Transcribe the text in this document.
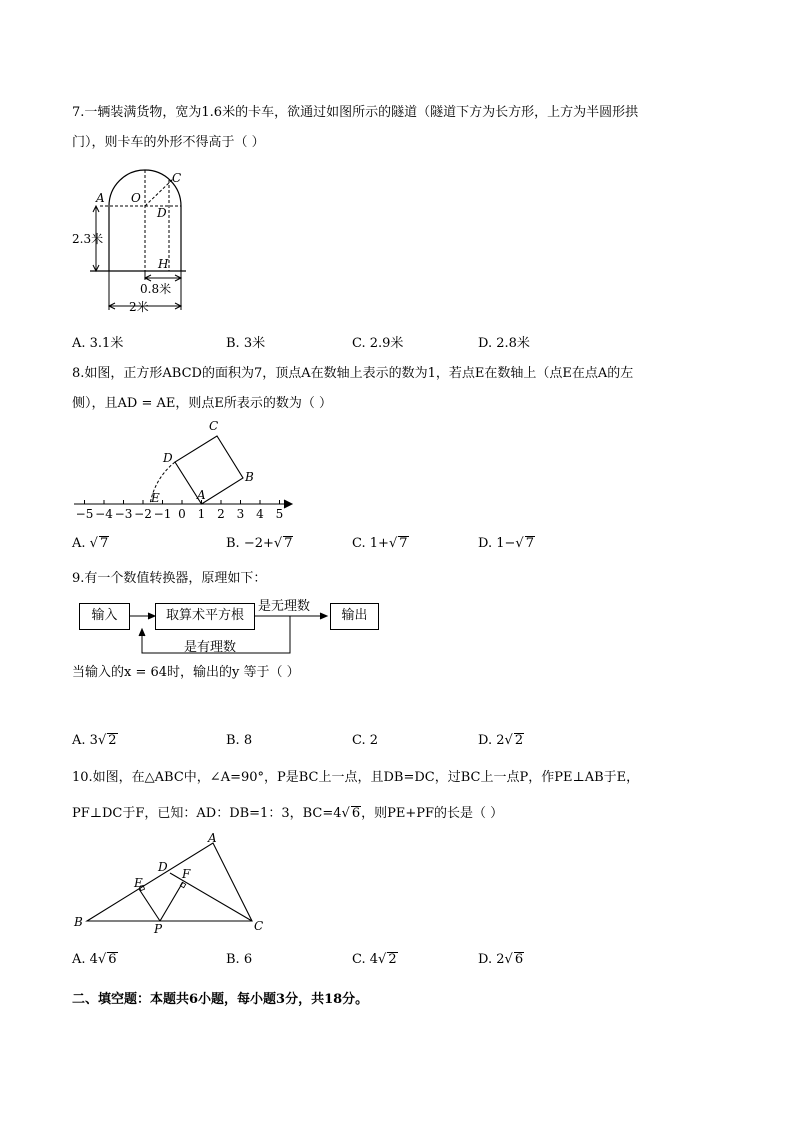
7.一辆装满货物，宽为1.6米的卡车，欲通过如图所示的隧道（隧道下方为长方形，上方为半圆形拱
门），则卡车的外形不得高于（ ）
A O
C
D
H
2.3米
0.8米
2米
A. 3.1米	B. 3米	C. 2.9米	D. 2.8米
8.如图，正方形ABCD的面积为7，顶点A在数轴上表示的数为1，若点E在数轴上（点E在点A的左
侧），且AD = AE，则点E所表示的数为（ ）
−5 −4 −3 −2 −1 0 1 2 3 4 5
A
B
C
D
E
A. √ 7	B. −2+√ 7	C. 1+√ 7	D. 1−√ 7
9.有一个数值转换器，原理如下：
输入	取算术平方根	输出
是无理数
是有理数
当输入的x = 64时，输出的y 等于（ ）
A. 3√ 2	B. 8	C. 2	D. 2√ 2
10.如图，在△ABC中，∠A=90°，P是BC上一点，且DB=DC，过BC上一点P，作PE⊥AB于E，
PF⊥DC于F，已知：AD：DB=1：3，BC=4√ 6，则PE+PF的长是（ ）
A
B	C
D
E
F
P
A. 4√ 6	B. 6	C. 4√ 2	D. 2√ 6
二、填空题：本题共6小题，每小题3分，共18分。
